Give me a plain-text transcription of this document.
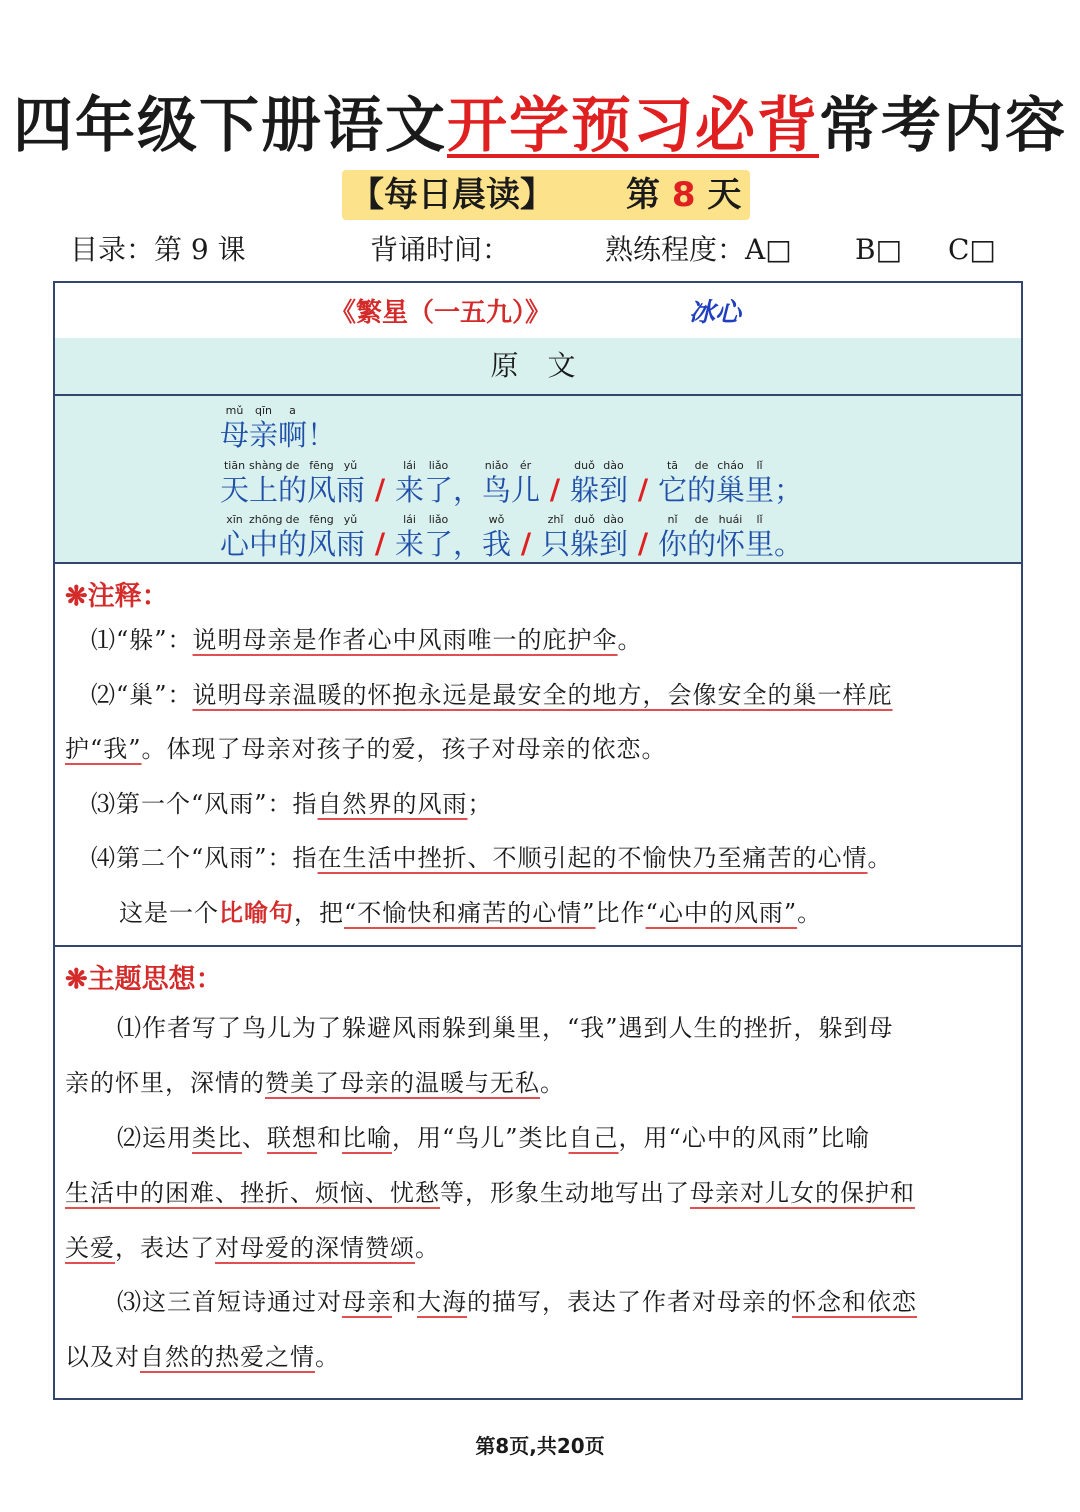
四年级下册语文开学预习必背常考内容
【每日晨读】 第 8 天
目录：第 9 课	背诵时间：	熟练程度：A□ B□ C□
《繁星（一五九）》	冰心
原 文
mǔ
母
qīn
亲
a
啊 ！
tiān
天
shàng
上
de
的
fēng
风
yǔ
雨 /
lái
来
liǎo
了 ，
niǎo
鸟
ér
儿 /
duǒ
躲
dào
到 /
tā
它
de
的
cháo
巢
lǐ
里 ；
xīn
心
zhōng
中
de
的
fēng
风
yǔ
雨 /
lái
来
liǎo
了 ，
wǒ
我 /
zhǐ
只
duǒ
躲
dào
到 /
nǐ
你
de
的
huái
怀
lǐ
里 。
❋注释：
⑴“躲”：说明母亲是作者心中风雨唯一的庇护伞。
⑵“巢”：说明母亲温暖的怀抱永远是最安全的地方，会像安全的巢一样庇
护“我”。体现了母亲对孩子的爱，孩子对母亲的依恋。
⑶第一个“风雨”：指自然界的风雨；
⑷第二个“风雨”：指在生活中挫折、不顺引起的不愉快乃至痛苦的心情。
这是一个比喻句，把“不愉快和痛苦的心情”比作“心中的风雨”。
❋主题思想：
⑴作者写了鸟儿为了躲避风雨躲到巢里，“我”遇到人生的挫折，躲到母
亲的怀里，深情的赞美了母亲的温暖与无私。
⑵运用类比、联想和比喻，用“鸟儿”类比自己，用“心中的风雨”比喻
生活中的困难、挫折、烦恼、忧愁等，形象生动地写出了母亲对儿女的保护和
关爱，表达了对母爱的深情赞颂。
⑶这三首短诗通过对母亲和大海的描写，表达了作者对母亲的怀念和依恋
以及对自然的热爱之情。
第8页,共20页
